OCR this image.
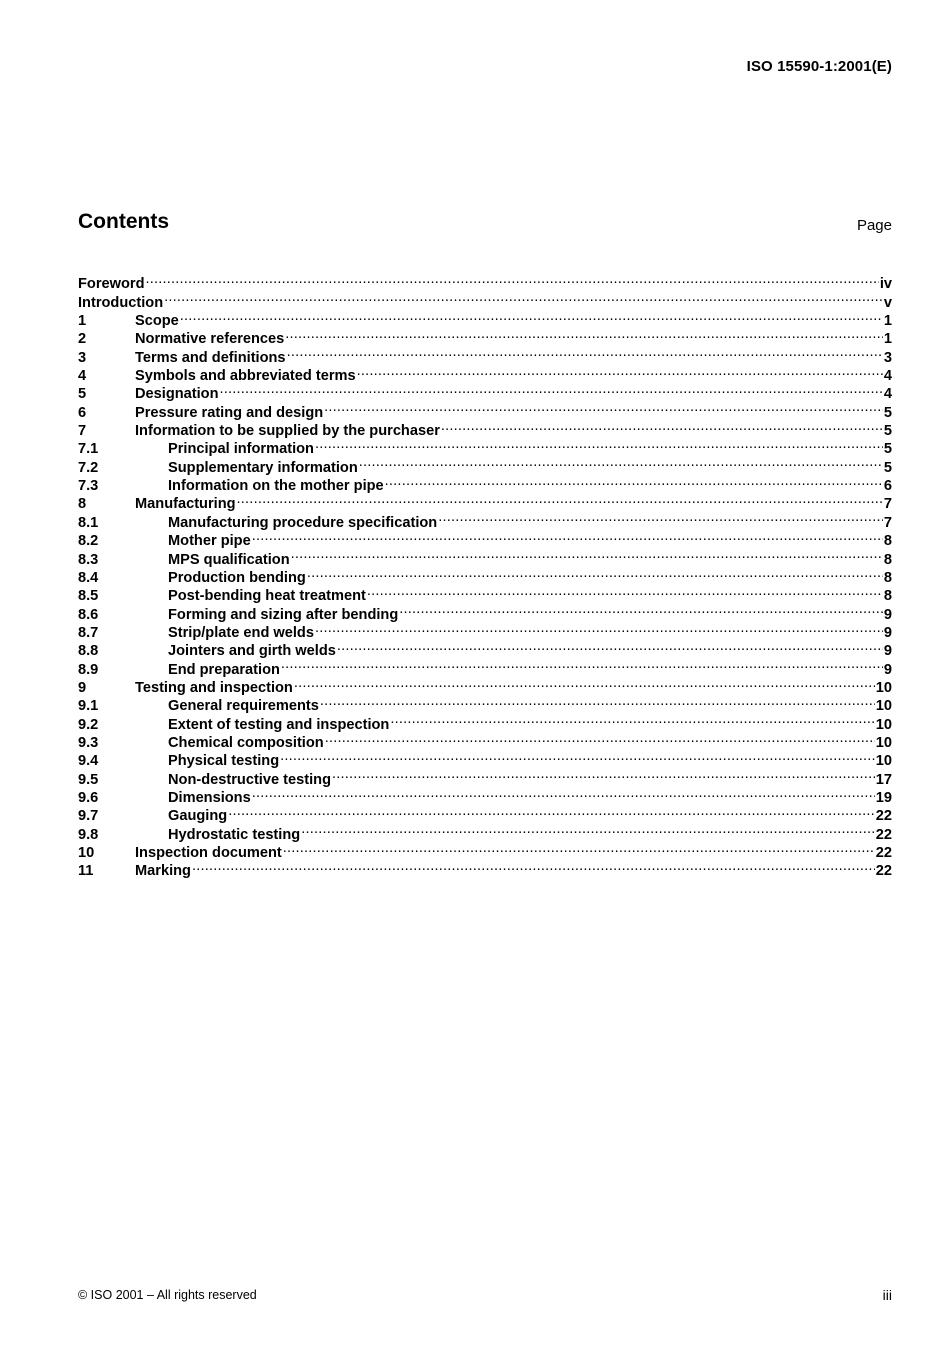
ISO 15590-1:2001(E)
Contents	Page
Foreword .....	iv
Introduction .....	v
1	Scope .....	1
2	Normative references .....	1
3	Terms and definitions .....	3
4	Symbols and abbreviated terms .....	4
5	Designation .....	4
6	Pressure rating and design .....	5
7	Information to be supplied by the purchaser .....	5
7.1	Principal information .....	5
7.2	Supplementary information .....	5
7.3	Information on the mother pipe .....	6
8	Manufacturing .....	7
8.1	Manufacturing procedure specification .....	7
8.2	Mother pipe .....	8
8.3	MPS qualification .....	8
8.4	Production bending .....	8
8.5	Post-bending heat treatment .....	8
8.6	Forming and sizing after bending .....	9
8.7	Strip/plate end welds .....	9
8.8	Jointers and girth welds .....	9
8.9	End preparation .....	9
9	Testing and inspection .....	10
9.1	General requirements .....	10
9.2	Extent of testing and inspection .....	10
9.3	Chemical composition .....	10
9.4	Physical testing .....	10
9.5	Non-destructive testing .....	17
9.6	Dimensions .....	19
9.7	Gauging .....	22
9.8	Hydrostatic testing .....	22
10	Inspection document .....	22
11	Marking .....	22
© ISO 2001 – All rights reserved	iii
